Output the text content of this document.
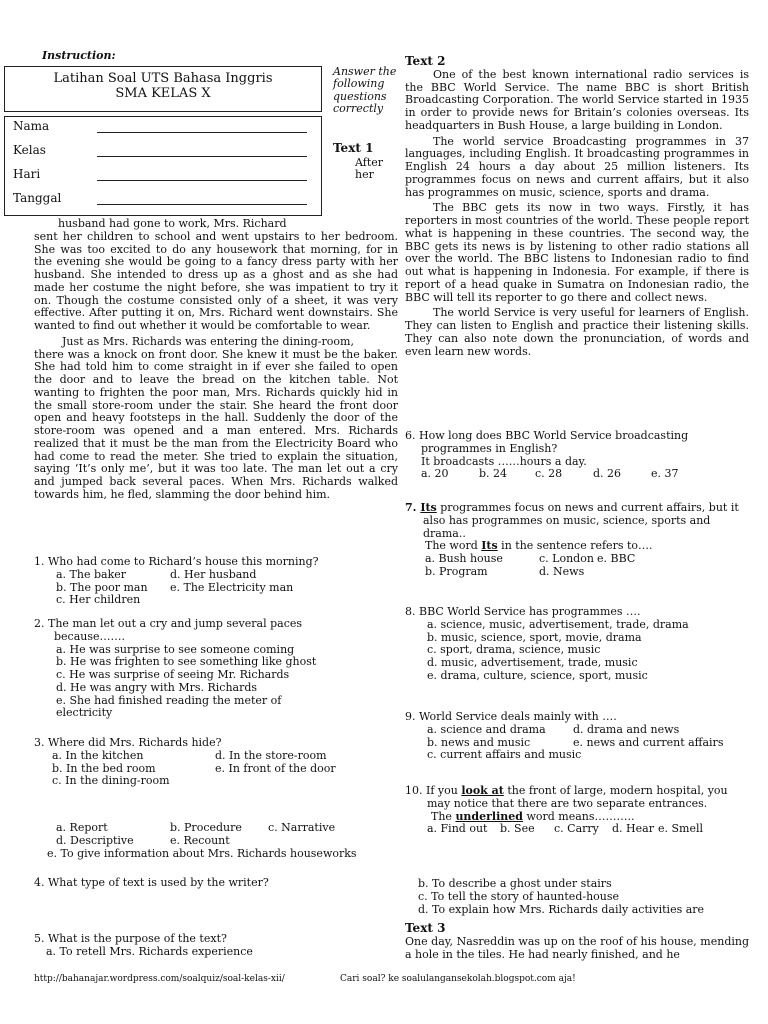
Instruction:
Latihan Soal UTS Bahasa Inggris
SMA KELAS X
Nama
Kelas
Hari
Tanggal
Answer the
following
questions
correctly
Text 1
After
her

husband had gone to work, Mrs. Richard

sent her children to school and went upstairs to her bedroom. She was too excited to do any housework that morning, for in the evening she would be going to a fancy dress party with her husband. She intended to dress up as a ghost and as she had made her costume the night before, she was impatient to try it on. Though the costume consisted only of a sheet, it was very effective. After putting it on, Mrs. Richard went downstairs. She wanted to find out whether it would be comfortable to wear.

Just as Mrs. Richards was entering the dining-room,

there was a knock on front door. She knew it must be the baker. She had told him to come straight in if ever she failed to open the door and to leave the bread on the kitchen table. Not wanting to frighten the poor man, Mrs. Richards quickly hid in the small store-room under the stair. She heard the front door open and heavy footsteps in the hall. Suddenly the door of the store-room was opened and a man entered. Mrs. Richards realized that it must be the man from the Electricity Board who had come to read the meter. She tried to explain the situation, saying ‘It’s only me’, but it was too late. The man let out a cry and jumped back several paces. When Mrs. Richards walked towards him, he fled, slamming the door behind him.

1. Who had come to Richard’s house this morning?
a. The baker	d. Her husband
b. The poor man e. The Electricity man
c. Her children
2. The man let out a cry and jump several paces
because…….
a. He was surprise to see someone coming
b. He was frighten to see something like ghost
c. He was surprise of seeing Mr. Richards
d. He was angry with Mrs. Richards
e. She had finished reading the meter of electricity
3. Where did Mrs. Richards hide?
a. In the kitchen	d. In the store-room
b. In the bed room	e. In front of the door
c. In the dining-room
a. Report	b. Procedure c. Narrative
d. Descriptive	e. Recount
e. To give information about Mrs. Richards houseworks
4. What type of text is used by the writer?
5. What is the purpose of the text?
a. To retell Mrs. Richards experience
Text 2

One of the best known international radio services is the BBC World Service. The name BBC is short British Broadcasting Corporation. The world Service started in 1935 in order to provide news for Britain’s colonies overseas. Its headquarters in Bush House, a large building in London.

The world service Broadcasting programmes in 37 languages, including English. It broadcasting programmes in English 24 hours a day about 25 million listeners. Its programmes focus on news and current affairs, but it also has programmes on music, science, sports and drama.

The BBC gets its now in two ways. Firstly, it has reporters in most countries of the world. These people report what is happening in these countries. The second way, the BBC gets its news is by listening to other radio stations all over the world. The BBC listens to Indonesian radio to find out what is happening in Indonesia. For example, if there is report of a head quake in Sumatra on Indonesian radio, the BBC will tell its reporter to go there and collect news.

The world Service is very useful for learners of English. They can listen to English and practice their listening skills. They can also note down the pronunciation, of words and even learn new words.

6. How long does BBC World Service broadcasting
programmes in English?
It broadcasts ……hours a day.
a. 20	b. 24	c. 28	d. 26	e. 37
7. Its programmes focus on news and current affairs, but it
also has programmes on music, science, sports and
drama..
The word Its in the sentence refers to….
a. Bush house	c. London e. BBC
b. Program	d. News
8. BBC World Service has programmes ….
a. science, music, advertisement, trade, drama
b. music, science, sport, movie, drama
c. sport, drama, science, music
d. music, advertisement, trade, music
e. drama, culture, science, sport, music
9. World Service deals mainly with ….
a. science and drama d. drama and news
b. news and music	e. news and current affairs
c. current affairs and music
10. If you look at the front of large, modern hospital, you
may notice that there are two separate entrances.
The underlined word means………..
a. Find out b. See c. Carry d. Hear e. Smell
b. To describe a ghost under stairs
c. To tell the story of haunted-house
d. To explain how Mrs. Richards daily activities are
Text 3

One day, Nasreddin was up on the roof of his house, mending a hole in the tiles. He had nearly finished, and he

http://bahanajar.wordpress.com/soalquiz/soal-kelas-xii/	Cari soal? ke soalulangansekolah.blogspot.com aja!
